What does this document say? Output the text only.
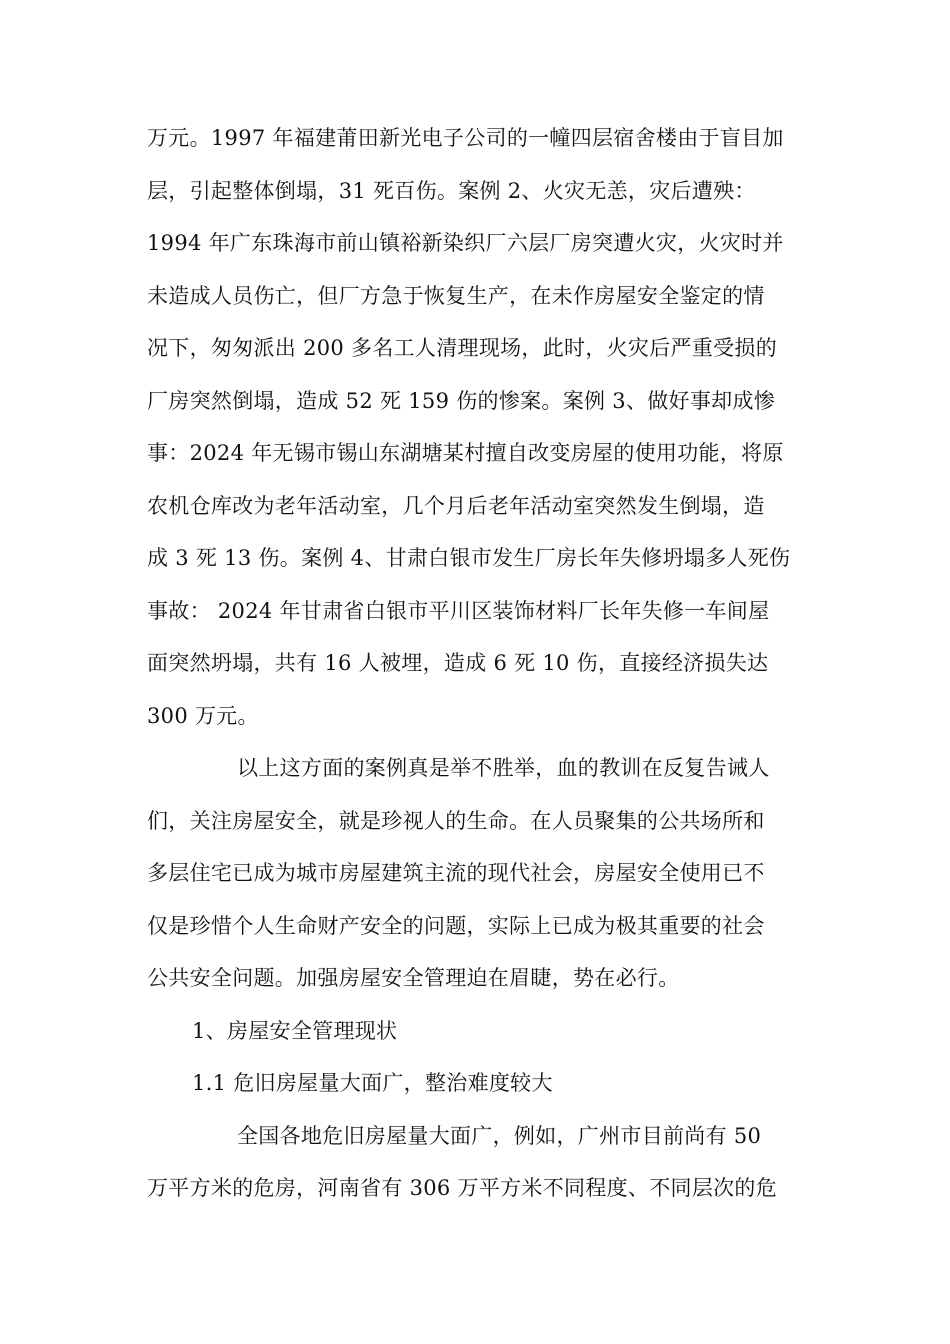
万元。1997 年福建莆田新光电子公司的一幢四层宿舍楼由于盲目加
层，引起整体倒塌，31 死百伤。案例 2、火灾无恙，灾后遭殃：
1994 年广东珠海市前山镇裕新染织厂六层厂房突遭火灾，火灾时并
未造成人员伤亡，但厂方急于恢复生产，在未作房屋安全鉴定的情
况下，匆匆派出 200 多名工人清理现场，此时，火灾后严重受损的
厂房突然倒塌，造成 52 死 159 伤的惨案。案例 3、做好事却成惨
事：2024 年无锡市锡山东湖塘某村擅自改变房屋的使用功能，将原
农机仓库改为老年活动室，几个月后老年活动室突然发生倒塌，造
成 3 死 13 伤。案例 4、甘肃白银市发生厂房长年失修坍塌多人死伤
事故： 2024 年甘肃省白银市平川区装饰材料厂长年失修一车间屋
面突然坍塌，共有 16 人被埋，造成 6 死 10 伤，直接经济损失达
300 万元。
以上这方面的案例真是举不胜举，血的教训在反复告诫人
们，关注房屋安全，就是珍视人的生命。在人员聚集的公共场所和
多层住宅已成为城市房屋建筑主流的现代社会，房屋安全使用已不
仅是珍惜个人生命财产安全的问题，实际上已成为极其重要的社会
公共安全问题。加强房屋安全管理迫在眉睫，势在必行。
1、房屋安全管理现状
1.1 危旧房屋量大面广，整治难度较大
全国各地危旧房屋量大面广，例如，广州市目前尚有 50
万平方米的危房，河南省有 306 万平方米不同程度、不同层次的危
